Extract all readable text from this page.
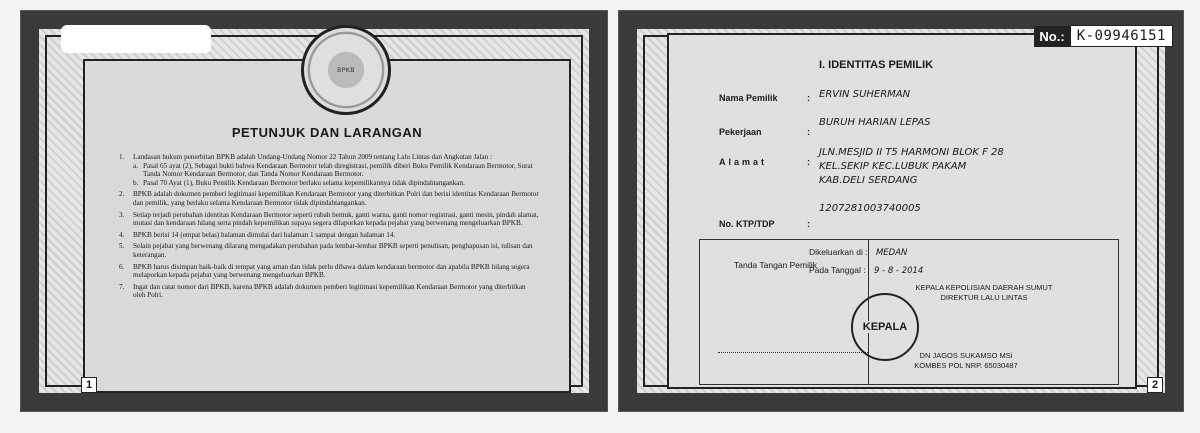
BPKB
PETUNJUK DAN LARANGAN
1.	Landasan hukum penerbitan BPKB adalah Undang-Undang Nomor 22 Tahun 2009 tentang Lalu Lintas dan Angkutan Jalan :
a. Pasal 65 ayat (2), Sebagai bukti bahwa Kendaraan Bermotor telah diregistrasi, pemilik diberi Buku Pemilik Kendaraan Bermotor, Surat Tanda Nomor Kendaraan Bermotor, dan Tanda Nomor Kendaraan Bermotor.
b. Pasal 70 Ayat (1), Buku Pemilik Kendaraan Bermotor berlaku selama kepemilikannya tidak dipindahtangankan.
2.	BPKB adalah dokumen pemberi legitimasi kepemilikan Kendaraan Bermotor yang diterbitkan Polri dan berisi identitas Kendaraan Bermotor dan pemilik, yang berlaku selama Kendaraan Bermotor tidak dipindahtangankan.
3.	Setiap terjadi perubahan identitas Kendaraan Bermotor seperti rubah bentuk, ganti warna, ganti nomor registrasi, ganti mesin, pindah alamat, mutasi dan kendaraan hilang serta pindah kepemilikan supaya segera dilaporkan kepada pejabat yang berwenang mengeluarkan BPKB.
4.	BPKB berisi 14 (empat belas) halaman dimulai dari halaman 1 sampai dengan halaman 14.
5.	Selain pejabat yang berwenang dilarang mengadakan perubahan pada lembar-lembar BPKB seperti penulisan, penghapusan isi, tulisan dan keterangan.
6.	BPKB harus disimpan baik-baik di tempat yang aman dan tidak perlu dibawa dalam kendaraan bermotor dan apabila BPKB hilang segera melaporkan kepada pejabat yang berwenang mengeluarkan BPKB.
7.	Ingat dan catat nomor dari BPKB, karena BPKB adalah dokumen pemberi legitimasi kepemilikan Kendaraan Bermotor yang diterbitkan oleh Polri.
1
No.: K-09946151
I. IDENTITAS PEMILIK
Nama Pemilik	: ERVIN SUHERMAN
Pekerjaan	:
BURUH HARIAN LEPAS
Alamat	:
JLN.MESJID II T5 HARMONI BLOK F 28
KEL.SEKIP KEC.LUBUK PAKAM
KAB.DELI SERDANG
No. KTP/TDP	:
1207281003740005
Tanda Tangan Pemilik
Dikeluarkan di : MEDAN
Pada Tanggal : 9 - 8 - 2014
KEPALA
KEPALA KEPOLISIAN DAERAH SUMUT
DIREKTUR LALU LINTAS
DN JAGOS SUKAMSO MSi
KOMBES POL NRP. 65030487
2
